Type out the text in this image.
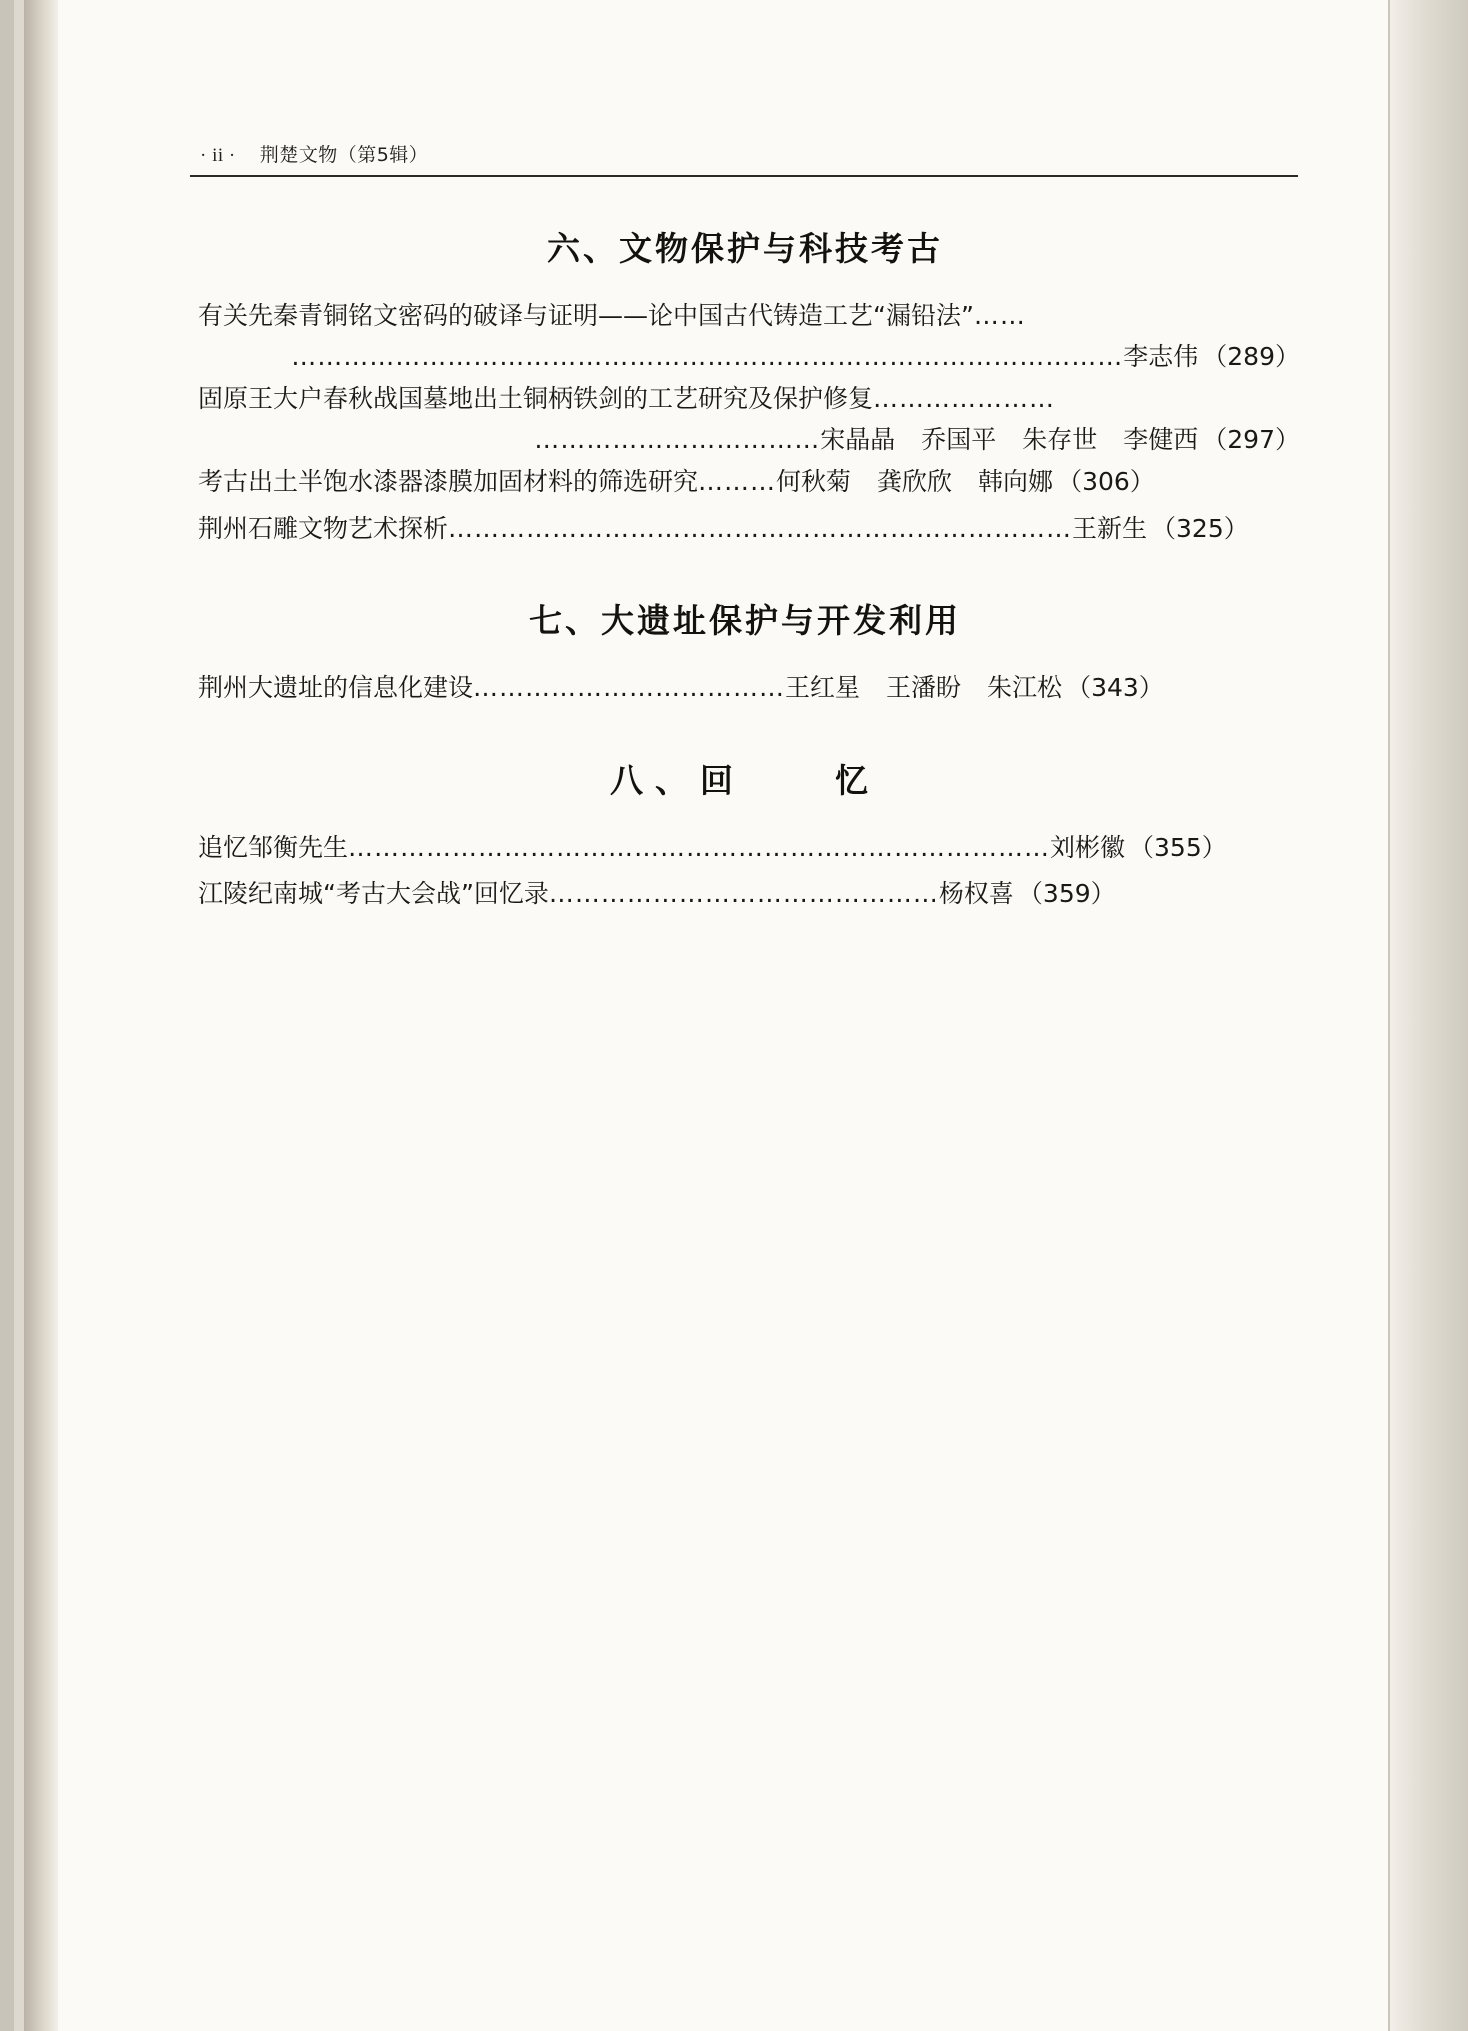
· ii · 荆楚文物（第5辑）
六、文物保护与科技考古
有关先秦青铜铭文密码的破译与证明——论中国古代铸造工艺“漏铅法”……
……………………………………………………………………………………李志伟 （289）
固原王大户春秋战国墓地出土铜柄铁剑的工艺研究及保护修复…………………
……………………………宋晶晶 乔国平 朱存世 李健西 （297）
考古出土半饱水漆器漆膜加固材料的筛选研究………何秋菊 龚欣欣 韩向娜 （306）
荆州石雕文物艺术探析………………………………………………………………王新生 （325）
七、大遗址保护与开发利用
荆州大遗址的信息化建设………………………………王红星 王潘盼 朱江松 （343）
八、回　　忆
追忆邹衡先生………………………………………………………………………刘彬徽 （355）
江陵纪南城“考古大会战”回忆录………………………………………杨权喜 （359）
